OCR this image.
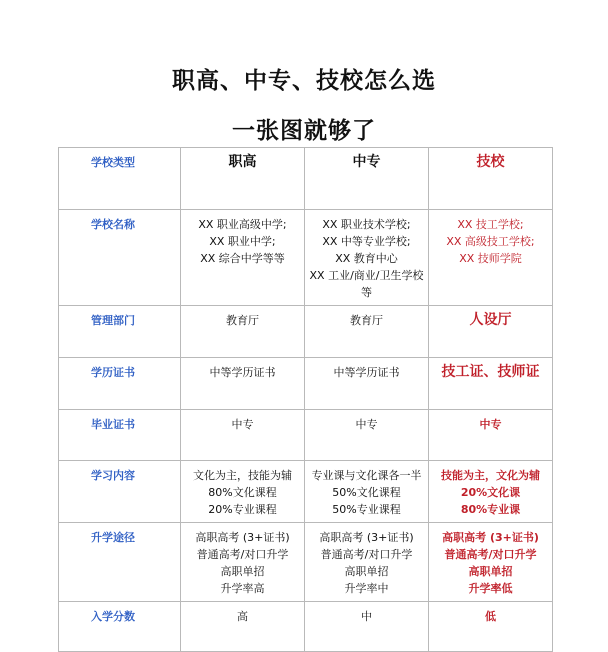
职高、中专、技校怎么选
一张图就够了
学校类型	职高	中专	技校

学校名称	XX 职业高级中学;
XX 职业中学;
XX 综合中学等等	XX 职业技术学校;
XX 中等专业学校;
XX 教育中心
XX 工业/商业/卫生学校等	XX 技工学校;
XX 高级技工学校;
XX 技师学院

管理部门	教育厅	教育厅	人设厅

学历证书	中等学历证书	中等学历证书	技工证、技师证

毕业证书	中专	中专	中专

学习内容	文化为主，技能为辅
80%文化课程
20%专业课程	专业课与文化课各一半
50%文化课程
50%专业课程	技能为主，文化为辅
20%文化课
80%专业课

升学途径	高职高考 (3+证书)
普通高考/对口升学
高职单招
升学率高	高职高考 (3+证书)
普通高考/对口升学
高职单招
升学率中	高职高考 (3+证书)
普通高考/对口升学
高职单招
升学率低

入学分数	高	中	低
